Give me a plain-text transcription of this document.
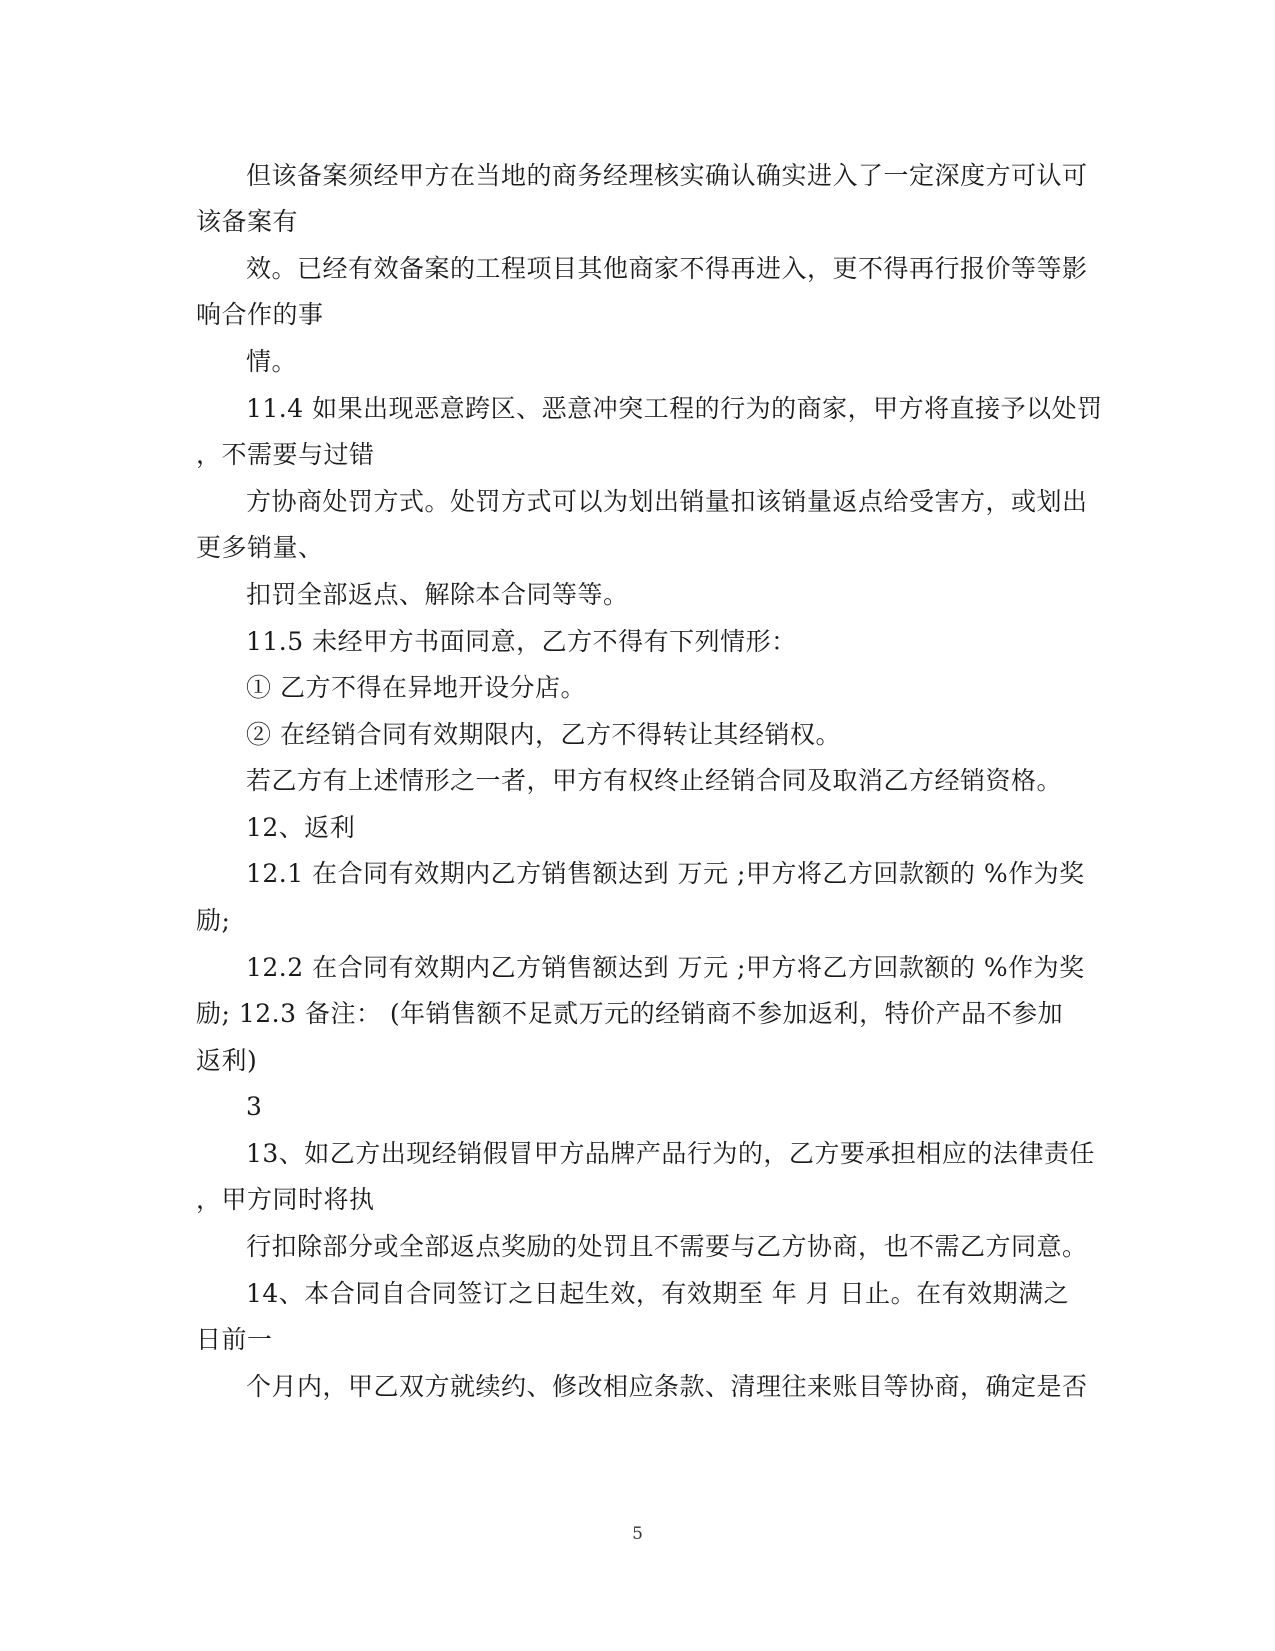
但该备案须经甲方在当地的商务经理核实确认确实进入了一定深度方可认可
该备案有
效。已经有效备案的工程项目其他商家不得再进入，更不得再行报价等等影
响合作的事
情。
11.4 如果出现恶意跨区、恶意冲突工程的行为的商家，甲方将直接予以处罚
，不需要与过错
方协商处罚方式。处罚方式可以为划出销量扣该销量返点给受害方，或划出
更多销量、
扣罚全部返点、解除本合同等等。
11.5 未经甲方书面同意，乙方不得有下列情形：
① 乙方不得在异地开设分店。
② 在经销合同有效期限内，乙方不得转让其经销权。
若乙方有上述情形之一者，甲方有权终止经销合同及取消乙方经销资格。
12、返利
12.1 在合同有效期内乙方销售额达到 万元 ;甲方将乙方回款额的 %作为奖
励;
12.2 在合同有效期内乙方销售额达到 万元 ;甲方将乙方回款额的 %作为奖
励; 12.3 备注： (年销售额不足贰万元的经销商不参加返利，特价产品不参加
返利)
3
13、如乙方出现经销假冒甲方品牌产品行为的，乙方要承担相应的法律责任
，甲方同时将执
行扣除部分或全部返点奖励的处罚且不需要与乙方协商，也不需乙方同意。
14、本合同自合同签订之日起生效，有效期至 年 月 日止。在有效期满之
日前一
个月内，甲乙双方就续约、修改相应条款、清理往来账目等协商，确定是否
5
